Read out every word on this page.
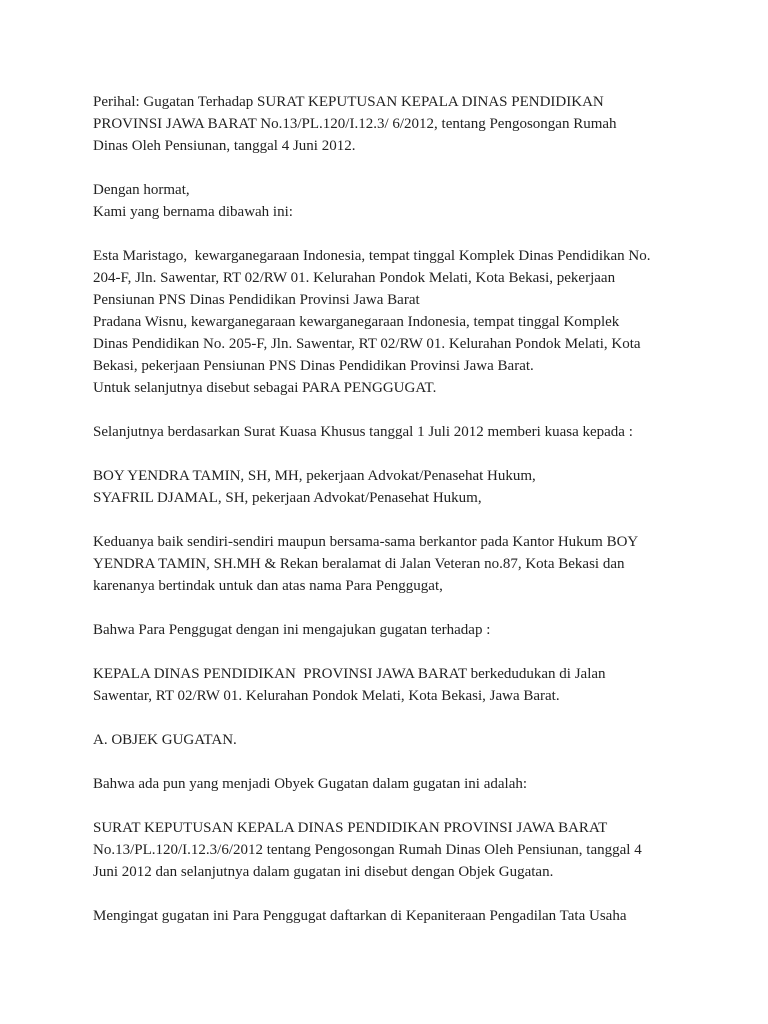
Perihal: Gugatan Terhadap SURAT KEPUTUSAN KEPALA DINAS PENDIDIKAN
PROVINSI JAWA BARAT No.13/PL.120/I.12.3/ 6/2012, tentang Pengosongan Rumah
Dinas Oleh Pensiunan, tanggal 4 Juni 2012.
Dengan hormat,
Kami yang bernama dibawah ini:
Esta Maristago,  kewarganegaraan Indonesia, tempat tinggal Komplek Dinas Pendidikan No.
204-F, Jln. Sawentar, RT 02/RW 01. Kelurahan Pondok Melati, Kota Bekasi, pekerjaan
Pensiunan PNS Dinas Pendidikan Provinsi Jawa Barat
Pradana Wisnu, kewarganegaraan kewarganegaraan Indonesia, tempat tinggal Komplek
Dinas Pendidikan No. 205-F, Jln. Sawentar, RT 02/RW 01. Kelurahan Pondok Melati, Kota
Bekasi, pekerjaan Pensiunan PNS Dinas Pendidikan Provinsi Jawa Barat.
Untuk selanjutnya disebut sebagai PARA PENGGUGAT.
Selanjutnya berdasarkan Surat Kuasa Khusus tanggal 1 Juli 2012 memberi kuasa kepada :
BOY YENDRA TAMIN, SH, MH, pekerjaan Advokat/Penasehat Hukum,
SYAFRIL DJAMAL, SH, pekerjaan Advokat/Penasehat Hukum,
Keduanya baik sendiri-sendiri maupun bersama-sama berkantor pada Kantor Hukum BOY
YENDRA TAMIN, SH.MH & Rekan beralamat di Jalan Veteran no.87, Kota Bekasi dan
karenanya bertindak untuk dan atas nama Para Penggugat,
Bahwa Para Penggugat dengan ini mengajukan gugatan terhadap :
KEPALA DINAS PENDIDIKAN  PROVINSI JAWA BARAT berkedudukan di Jalan
Sawentar, RT 02/RW 01. Kelurahan Pondok Melati, Kota Bekasi, Jawa Barat.
A. OBJEK GUGATAN.
Bahwa ada pun yang menjadi Obyek Gugatan dalam gugatan ini adalah:
SURAT KEPUTUSAN KEPALA DINAS PENDIDIKAN PROVINSI JAWA BARAT
No.13/PL.120/I.12.3/6/2012 tentang Pengosongan Rumah Dinas Oleh Pensiunan, tanggal 4
Juni 2012 dan selanjutnya dalam gugatan ini disebut dengan Objek Gugatan.
Mengingat gugatan ini Para Penggugat daftarkan di Kepaniteraan Pengadilan Tata Usaha
